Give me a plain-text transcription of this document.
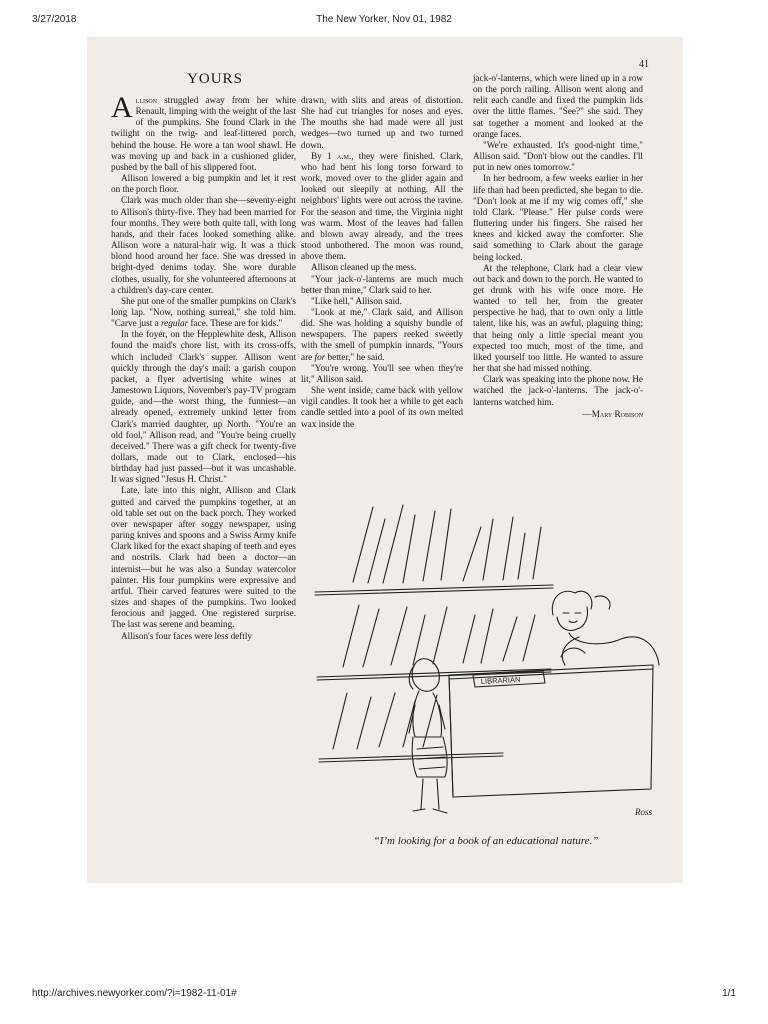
3/27/2018	The New Yorker, Nov 01, 1982
41
YOURS

Allison struggled away from her white Renault, limping with the weight of the last of the pumpkins. She found Clark in the twilight on the twig- and leaf-littered porch, behind the house. He wore a tan wool shawl. He was moving up and back in a cushioned glider, pushed by the ball of his slippered foot.

Allison lowered a big pumpkin and let it rest on the porch floor.

Clark was much older than she—seventy-eight to Allison's thirty-five. They had been married for four months. They were both quite tall, with long hands, and their faces looked something alike. Allison wore a natural-hair wig. It was a thick blond hood around her face. She was dressed in bright-dyed denims today. She wore durable clothes, usually, for she volunteered afternoons at a children's day-care center.

She put one of the smaller pumpkins on Clark's long lap. "Now, nothing surreal," she told him. "Carve just a regular face. These are for kids."

In the foyer, on the Hepplewhite desk, Allison found the maid's chore list, with its cross-offs, which included Clark's supper. Allison went quickly through the day's mail: a garish coupon packet, a flyer advertising white wines at Jamestown Liquors, November's pay-TV program guide, and—the worst thing, the funniest—an already opened, extremely unkind letter from Clark's married daughter, up North. "You're an old fool," Allison read, and "You're being cruelly deceived." There was a gift check for twenty-five dollars, made out to Clark, enclosed—his birthday had just passed—but it was uncashable. It was signed "Jesus H. Christ."

Late, late into this night, Allison and Clark gutted and carved the pumpkins together, at an old table set out on the back porch. They worked over newspaper after soggy newspaper, using paring knives and spoons and a Swiss Army knife Clark liked for the exact shaping of teeth and eyes and nostrils. Clark had been a doctor—an internist—but he was also a Sunday watercolor painter. His four pumpkins were expressive and artful. Their carved features were suited to the sizes and shapes of the pumpkins. Two looked ferocious and jagged. One registered surprise. The last was serene and beaming.

Allison's four faces were less deftly

drawn, with slits and areas of distortion. She had cut triangles for noses and eyes. The mouths she had made were all just wedges—two turned up and two turned down.

By 1 a.m., they were finished. Clark, who had bent his long torso forward to work, moved over to the glider again and looked out sleepily at nothing. All the neighbors' lights were out across the ravine. For the season and time, the Virginia night was warm. Most of the leaves had fallen and blown away already, and the trees stood unbothered. The moon was round, above them.

Allison cleaned up the mess.

"Your jack-o'-lanterns are much much better than mine," Clark said to her.

"Like hell," Allison said.

"Look at me," Clark said, and Allison did. She was holding a squishy bundle of newspapers. The papers reeked sweetly with the smell of pumpkin innards. "Yours are for better," he said.

"You're wrong. You'll see when they're lit," Allison said.

She went inside, came back with yellow vigil candles. It took her a while to get each candle settled into a pool of its own melted wax inside the

jack-o'-lanterns, which were lined up in a row on the porch railing. Allison went along and relit each candle and fixed the pumpkin lids over the little flames. "See?" she said. They sat together a moment and looked at the orange faces.

"We're exhausted. It's good-night time," Allison said. "Don't blow out the candles. I'll put in new ones tomorrow."

In her bedroom, a few weeks earlier in her life than had been predicted, she began to die. "Don't look at me if my wig comes off," she told Clark. "Please." Her pulse cords were fluttering under his fingers. She raised her knees and kicked away the comforter. She said something to Clark about the garage being locked.

At the telephone, Clark had a clear view out back and down to the porch. He wanted to get drunk with his wife once more. He wanted to tell her, from the greater perspective he had, that to own only a little talent, like his, was an awful, plaguing thing; that being only a little special meant you expected too much, most of the time, and liked yourself too little. He wanted to assure her that she had missed nothing.

Clark was speaking into the phone now. He watched the jack-o'-lanterns. The jack-o'-lanterns watched him.

—Mary Robison

LIBRARIAN
Ross
“I’m looking for a book of an educational nature.”
http://archives.newyorker.com/?i=1982-11-01#	1/1
